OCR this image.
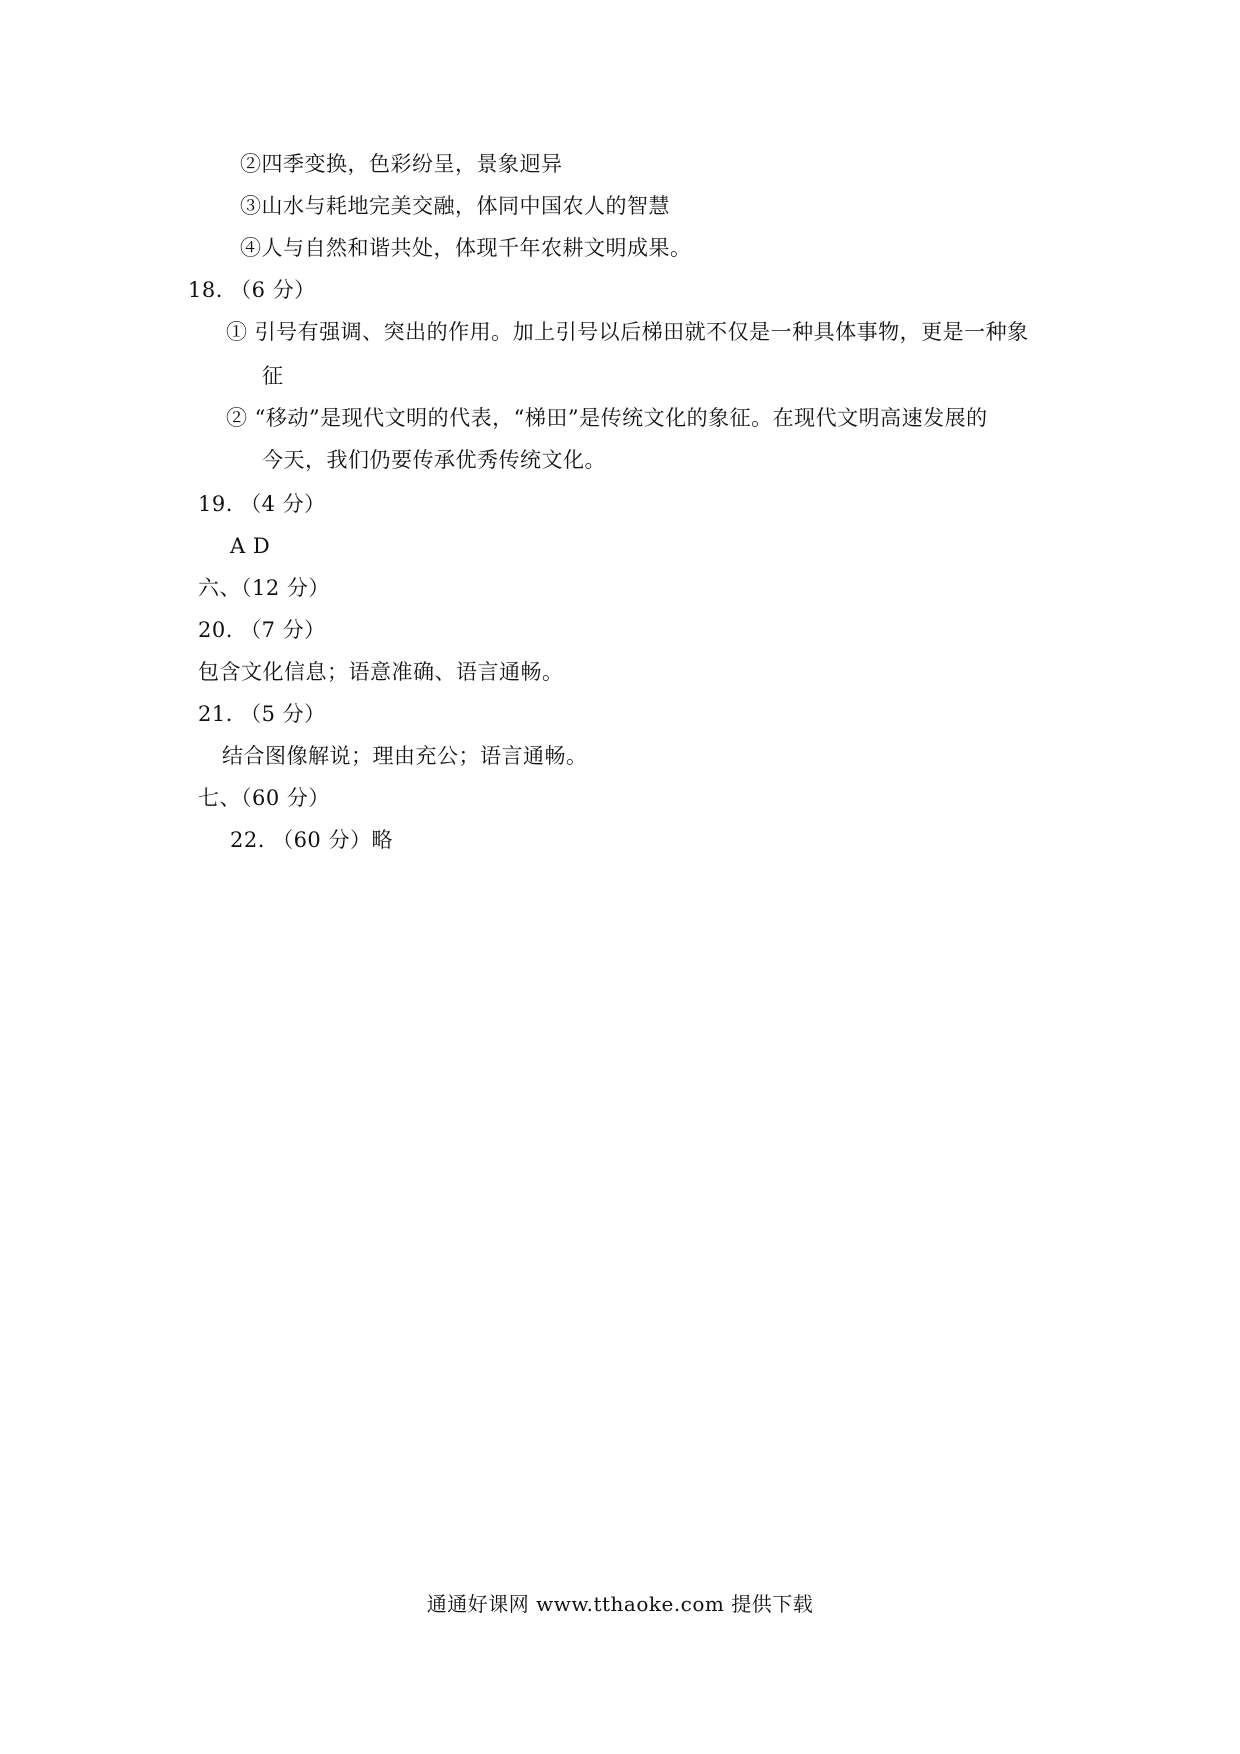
②四季变换，色彩纷呈，景象迥异
③山水与耗地完美交融，体同中国农人的智慧
④人与自然和谐共处，体现千年农耕文明成果。
18. （6 分）
① 引号有强调、突出的作用。加上引号以后梯田就不仅是一种具体事物，更是一种象
征
② “移动”是现代文明的代表，“梯田”是传统文化的象征。在现代文明高速发展的
今天，我们仍要传承优秀传统文化。
19. （4 分）
A D
六、（12 分）
20. （7 分）
包含文化信息；语意准确、语言通畅。
21. （5 分）
结合图像解说；理由充公；语言通畅。
七、（60 分）
22. （60 分）略
通通好课网 www.tthaoke.com 提供下载
